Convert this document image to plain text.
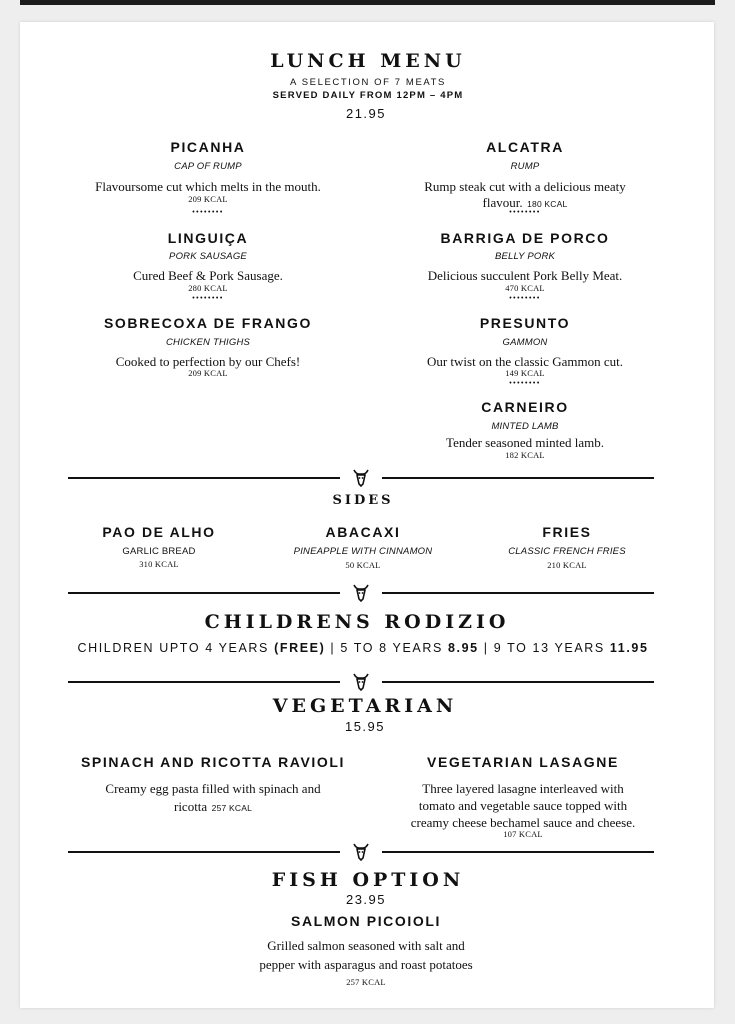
LUNCH MENU
A SELECTION OF 7 MEATS
SERVED DAILY FROM 12PM – 4PM
21.95
PICANHA
CAP OF RUMP
Flavoursome cut which melts in the mouth.
209 KCAL
••••••••
LINGUIÇA
PORK SAUSAGE
Cured Beef & Pork Sausage.
280 KCAL
••••••••
SOBRECOXA DE FRANGO
CHICKEN THIGHS
Cooked to perfection by our Chefs!
209 KCAL
ALCATRA
RUMP
Rump steak cut with a delicious meaty
flavour. 180 KCAL
••••••••
BARRIGA DE PORCO
BELLY PORK
Delicious succulent Pork Belly Meat.
470 KCAL
••••••••
PRESUNTO
GAMMON
Our twist on the classic Gammon cut.
149 KCAL
••••••••
CARNEIRO
MINTED LAMB
Tender seasoned minted lamb.
182 KCAL
SIDES
PAO DE ALHO
GARLIC BREAD
310 KCAL
ABACAXI
PINEAPPLE WITH CINNAMON
50 KCAL
FRIES
CLASSIC FRENCH FRIES
210 KCAL
CHILDRENS RODIZIO
CHILDREN UPTO 4 YEARS (FREE) | 5 TO 8 YEARS 8.95 | 9 TO 13 YEARS 11.95
VEGETARIAN
15.95
SPINACH AND RICOTTA RAVIOLI
Creamy egg pasta filled with spinach and
ricotta 257 KCAL
VEGETARIAN LASAGNE
Three layered lasagne interleaved with
tomato and vegetable sauce topped with
creamy cheese bechamel sauce and cheese.
107 KCAL
FISH OPTION
23.95
SALMON PICOIOLI
Grilled salmon seasoned with salt and
pepper with asparagus and roast potatoes
257 KCAL
